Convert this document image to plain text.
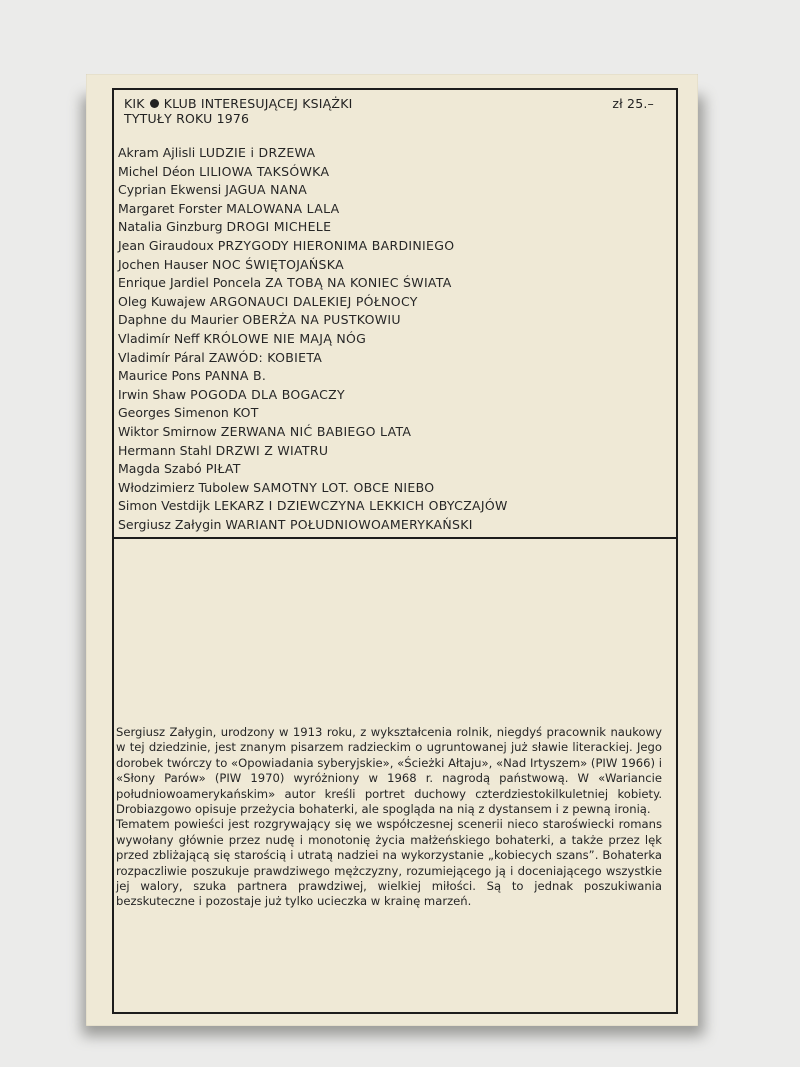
KIK KLUB INTERESUJĄCEJ KSIĄŻKI
TYTUŁY ROKU 1976
zł 25.–
Akram Ajlisli LUDZIE i DRZEWA
Michel Déon LILIOWA TAKSÓWKA
Cyprian Ekwensi JAGUA NANA
Margaret Forster MALOWANA LALA
Natalia Ginzburg DROGI MICHELE
Jean Giraudoux PRZYGODY HIERONIMA BARDINIEGO
Jochen Hauser NOC ŚWIĘTOJAŃSKA
Enrique Jardiel Poncela ZA TOBĄ NA KONIEC ŚWIATA
Oleg Kuwajew ARGONAUCI DALEKIEJ PÓŁNOCY
Daphne du Maurier OBERŻA NA PUSTKOWIU
Vladimír Neff KRÓLOWE NIE MAJĄ NÓG
Vladimír Páral ZAWÓD: KOBIETA
Maurice Pons PANNA B.
Irwin Shaw POGODA DLA BOGACZY
Georges Simenon KOT
Wiktor Smirnow ZERWANA NIĆ BABIEGO LATA
Hermann Stahl DRZWI Z WIATRU
Magda Szabó PIŁAT
Włodzimierz Tubolew SAMOTNY LOT. OBCE NIEBO
Simon Vestdijk LEKARZ I DZIEWCZYNA LEKKICH OBYCZAJÓW
Sergiusz Załygin WARIANT POŁUDNIOWOAMERYKAŃSKI

Sergiusz Załygin, urodzony w 1913 roku, z wykształcenia rolnik, niegdyś pracownik naukowy w tej dziedzinie, jest znanym pisarzem radzieckim o ugruntowanej już sławie literackiej. Jego dorobek twórczy to «Opowiadania syberyjskie», «Ścieżki Ałtaju», «Nad Irtyszem» (PIW 1966) i «Słony Parów» (PIW 1970) wyróżniony w 1968 r. nagrodą państwową. W «Wariancie południowoamerykańskim» autor kreśli portret duchowy czterdziestokilkuletniej kobiety. Drobiazgowo opisuje przeżycia bohaterki, ale spogląda na nią z dystansem i z pewną ironią.

Tematem powieści jest rozgrywający się we współczesnej scenerii nieco staroświecki romans wywołany głównie przez nudę i monotonię życia małżeńskiego bohaterki, a także przez lęk przed zbliżającą się starością i utratą nadziei na wykorzystanie „kobiecych szans”. Bohaterka rozpaczliwie poszukuje prawdziwego mężczyzny, rozumiejącego ją i doceniającego wszystkie jej walory, szuka partnera prawdziwej, wielkiej miłości. Są to jednak poszukiwania bezskuteczne i pozostaje już tylko ucieczka w krainę marzeń.
